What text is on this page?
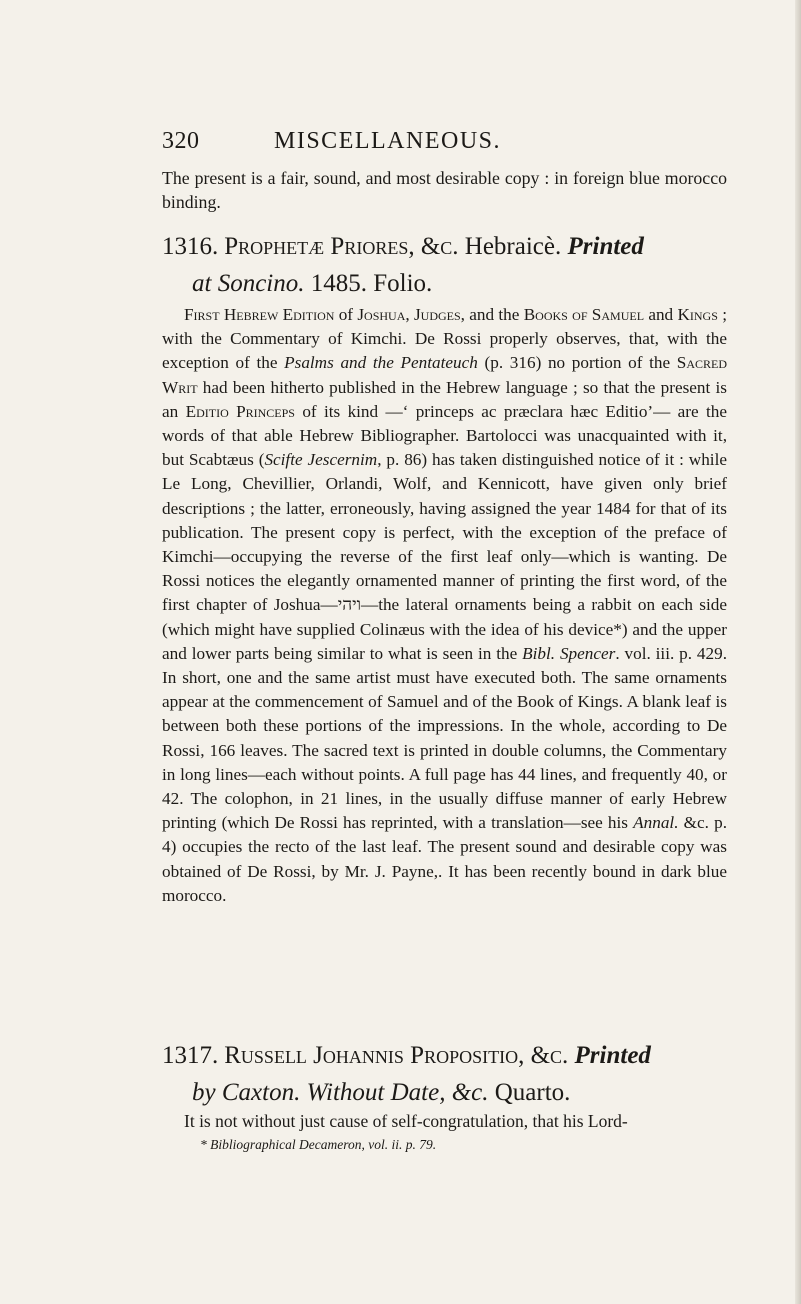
320	MISCELLANEOUS.
The present is a fair, sound, and most desirable copy : in foreign blue morocco binding.
1316. Prophetæ Priores, &c. Hebraicè. Printed
at Soncino. 1485. Folio.
First Hebrew Edition of Joshua, Judges, and the Books of Samuel and Kings ; with the Commentary of Kimchi. De Rossi properly observes, that, with the exception of the Psalms and the Pentateuch (p. 316) no portion of the Sacred Writ had been hitherto published in the Hebrew language ; so that the present is an Editio Princeps of its kind —‘ princeps ac præclara hæc Editio’— are the words of that able Hebrew Bibliographer. Bartolocci was unacquainted with it, but Scabtæus (Scifte Jescernim, p. 86) has taken distinguished notice of it : while Le Long, Chevillier, Orlandi, Wolf, and Kennicott, have given only brief descriptions ; the latter, erroneously, having assigned the year 1484 for that of its publication. The present copy is perfect, with the exception of the preface of Kimchi—occupying the reverse of the first leaf only—which is wanting. De Rossi notices the elegantly ornamented manner of printing the first word, of the first chapter of Joshua—ויהי—the lateral ornaments being a rabbit on each side (which might have supplied Colinæus with the idea of his device*) and the upper and lower parts being similar to what is seen in the Bibl. Spencer. vol. iii. p. 429. In short, one and the same artist must have executed both. The same ornaments appear at the commencement of Samuel and of the Book of Kings. A blank leaf is between both these portions of the impressions. In the whole, according to De Rossi, 166 leaves. The sacred text is printed in double columns, the Commentary in long lines—each without points. A full page has 44 lines, and frequently 40, or 42. The colophon, in 21 lines, in the usually diffuse manner of early Hebrew printing (which De Rossi has reprinted, with a translation—see his Annal. &c. p. 4) occupies the recto of the last leaf. The present sound and desirable copy was obtained of De Rossi, by Mr. J. Payne,. It has been recently bound in dark blue morocco.
1317. Russell Johannis Propositio, &c. Printed
by Caxton. Without Date, &c. Quarto.
It is not without just cause of self-congratulation, that his Lord-
* Bibliographical Decameron, vol. ii. p. 79.
